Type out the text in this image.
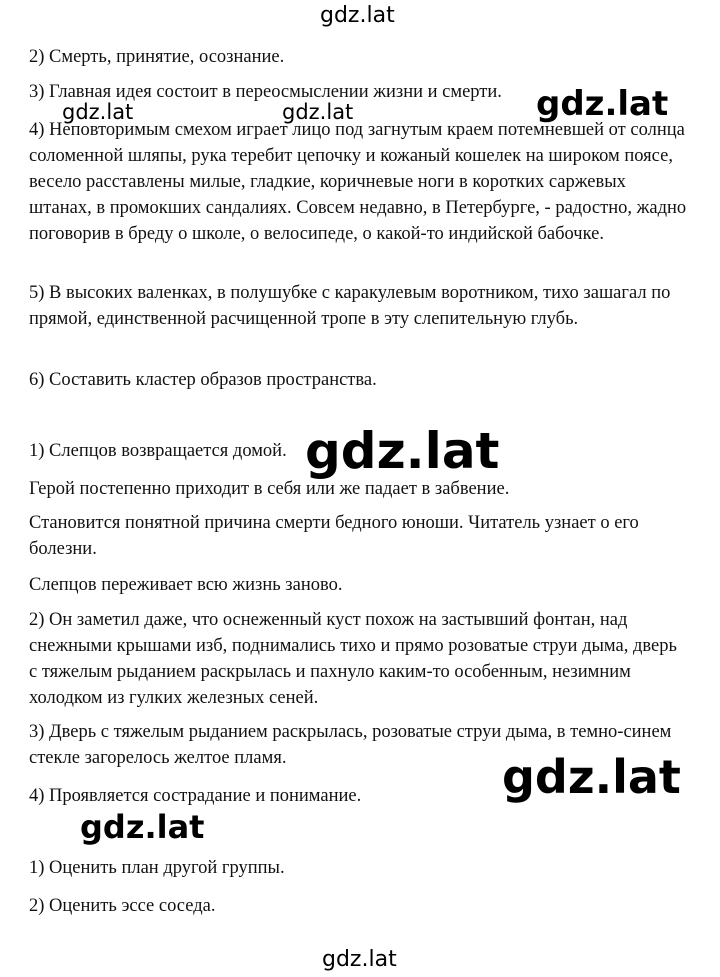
2) Смерть, принятие, осознание.

3) Главная идея состоит в переосмыслении жизни и смерти.

4) Неповторимым смехом играет лицо под загнутым краем потемневшей от солнца соломенной шляпы, рука теребит цепочку и кожаный кошелек на широком поясе, весело расставлены милые, гладкие, коричневые ноги в коротких саржевых штанах, в промокших сандалиях. Совсем недавно, в Петербурге, - радостно, жадно поговорив в бреду о школе, о велосипеде, о какой-то индийской бабочке.

5) В высоких валенках, в полушубке с каракулевым воротником, тихо зашагал по прямой, единственной расчищенной тропе в эту слепительную глубь.

6) Составить кластер образов пространства.

1) Слепцов возвращается домой.

Герой постепенно приходит в себя или же падает в забвение.

Становится понятной причина смерти бедного юноши. Читатель узнает о его болезни.

Слепцов переживает всю жизнь заново.

2) Он заметил даже, что оснеженный куст похож на застывший фонтан, над снежными крышами изб, поднимались тихо и прямо розоватые струи дыма, дверь с тяжелым рыданием раскрылась и пахнуло каким-то особенным, незимним холодком из гулких железных сеней.

3) Дверь с тяжелым рыданием раскрылась, розоватые струи дыма, в темно-синем стекле загорелось желтое пламя.

4) Проявляется сострадание и понимание.

1) Оценить план другой группы.

2) Оценить эссе соседа.

gdz.lat
gdz.lat	gdz.lat	gdz.lat
gdz.lat
gdz.lat
gdz.lat
gdz.lat
